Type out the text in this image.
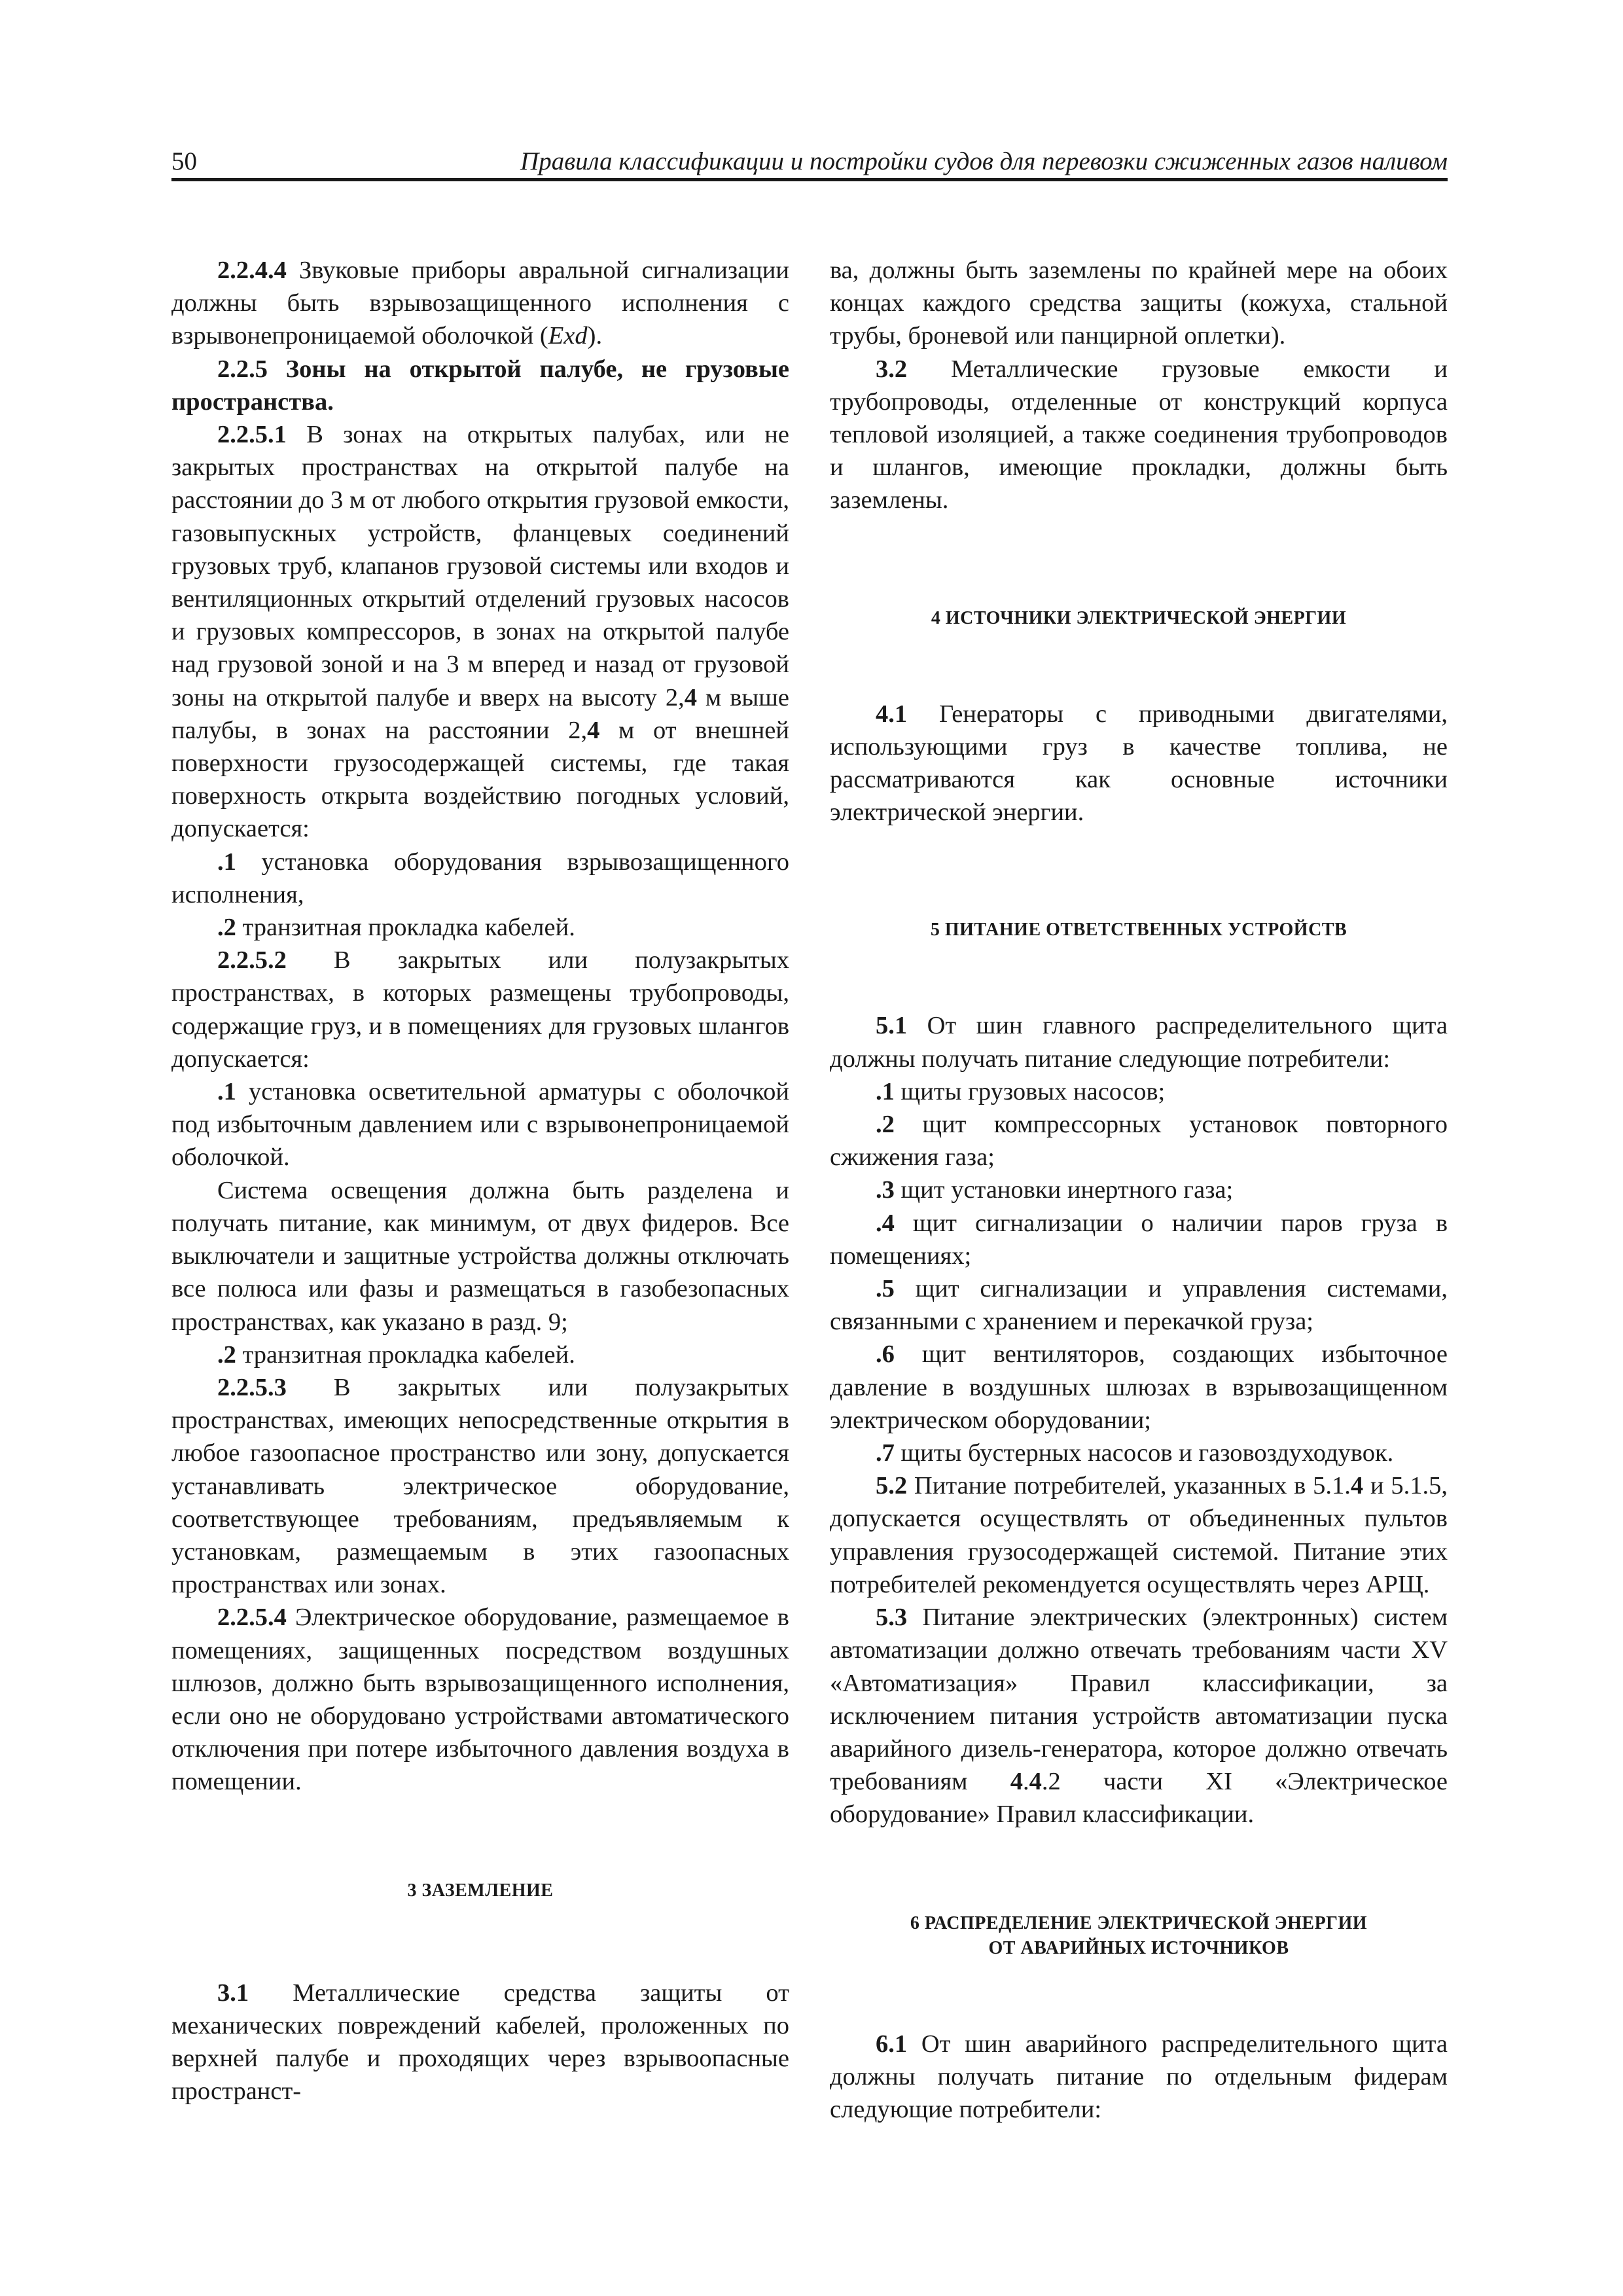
50	Правила классификации и постройки судов для перевозки сжиженных газов наливом

2.2.4.4 Звуковые приборы авральной сигнализации должны быть взрывозащищенного исполнения с взрывонепроницаемой оболочкой (Exd).

2.2.5 Зоны на открытой палубе, не грузовые пространства.

2.2.5.1 В зонах на открытых палубах, или не закрытых пространствах на открытой палубе на расстоянии до 3 м от любого открытия грузовой емкости, газовыпускных устройств, фланцевых соединений грузовых труб, клапанов грузовой системы или входов и вентиляционных открытий отделений грузовых насосов и грузовых компрессоров, в зонах на открытой палубе над грузовой зоной и на 3 м вперед и назад от грузовой зоны на открытой палубе и вверх на высоту 2,4 м выше палубы, в зонах на расстоянии 2,4 м от внешней поверхности грузосодержащей системы, где такая поверхность открыта воздействию погодных условий, допускается:

.1 установка оборудования взрывозащищенного исполнения,

.2 транзитная прокладка кабелей.

2.2.5.2 В закрытых или полузакрытых пространствах, в которых размещены трубопроводы, содержащие груз, и в помещениях для грузовых шлангов допускается:

.1 установка осветительной арматуры с оболочкой под избыточным давлением или с взрывонепроницаемой оболочкой.

Система освещения должна быть разделена и получать питание, как минимум, от двух фидеров. Все выключатели и защитные устройства должны отключать все полюса или фазы и размещаться в газобезопасных пространствах, как указано в разд. 9;

.2 транзитная прокладка кабелей.

2.2.5.3 В закрытых или полузакрытых пространствах, имеющих непосредственные открытия в любое газоопасное пространство или зону, допускается устанавливать электрическое оборудование, соответствующее требованиям, предъявляемым к установкам, размещаемым в этих газоопасных пространствах или зонах.

2.2.5.4 Электрическое оборудование, размещаемое в помещениях, защищенных посредством воздушных шлюзов, должно быть взрывозащищенного исполнения, если оно не оборудовано устройствами автоматического отключения при потере избыточного давления воздуха в помещении.

3 ЗАЗЕМЛЕНИЕ

3.1 Металлические средства защиты от механических повреждений кабелей, проложенных по верхней палубе и проходящих через взрывоопасные пространст-

ва, должны быть заземлены по крайней мере на обоих концах каждого средства защиты (кожуха, стальной трубы, броневой или панцирной оплетки).

3.2 Металлические грузовые емкости и трубопроводы, отделенные от конструкций корпуса тепловой изоляцией, а также соединения трубопроводов и шлангов, имеющие прокладки, должны быть заземлены.

4 ИСТОЧНИКИ ЭЛЕКТРИЧЕСКОЙ ЭНЕРГИИ

4.1 Генераторы с приводными двигателями, использующими груз в качестве топлива, не рассматриваются как основные источники электрической энергии.

5 ПИТАНИЕ ОТВЕТСТВЕННЫХ УСТРОЙСТВ

5.1 От шин главного распределительного щита должны получать питание следующие потребители:

.1 щиты грузовых насосов;

.2 щит компрессорных установок повторного сжижения газа;

.3 щит установки инертного газа;

.4 щит сигнализации о наличии паров груза в помещениях;

.5 щит сигнализации и управления системами, связанными с хранением и перекачкой груза;

.6 щит вентиляторов, создающих избыточное давление в воздушных шлюзах в взрывозащищенном электрическом оборудовании;

.7 щиты бустерных насосов и газовоздуходувок.

5.2 Питание потребителей, указанных в 5.1.4 и 5.1.5, допускается осуществлять от объединенных пультов управления грузосодержащей системой. Питание этих потребителей рекомендуется осуществлять через АРЩ.

5.3 Питание электрических (электронных) систем автоматизации должно отвечать требованиям части XV «Автоматизация» Правил классификации, за исключением питания устройств автоматизации пуска аварийного дизель-генератора, которое должно отвечать требованиям 4.4.2 части XI «Электрическое оборудование» Правил классификации.

6 РАСПРЕДЕЛЕНИЕ ЭЛЕКТРИЧЕСКОЙ ЭНЕРГИИ
ОТ АВАРИЙНЫХ ИСТОЧНИКОВ

6.1 От шин аварийного распределительного щита должны получать питание по отдельным фидерам следующие потребители:
